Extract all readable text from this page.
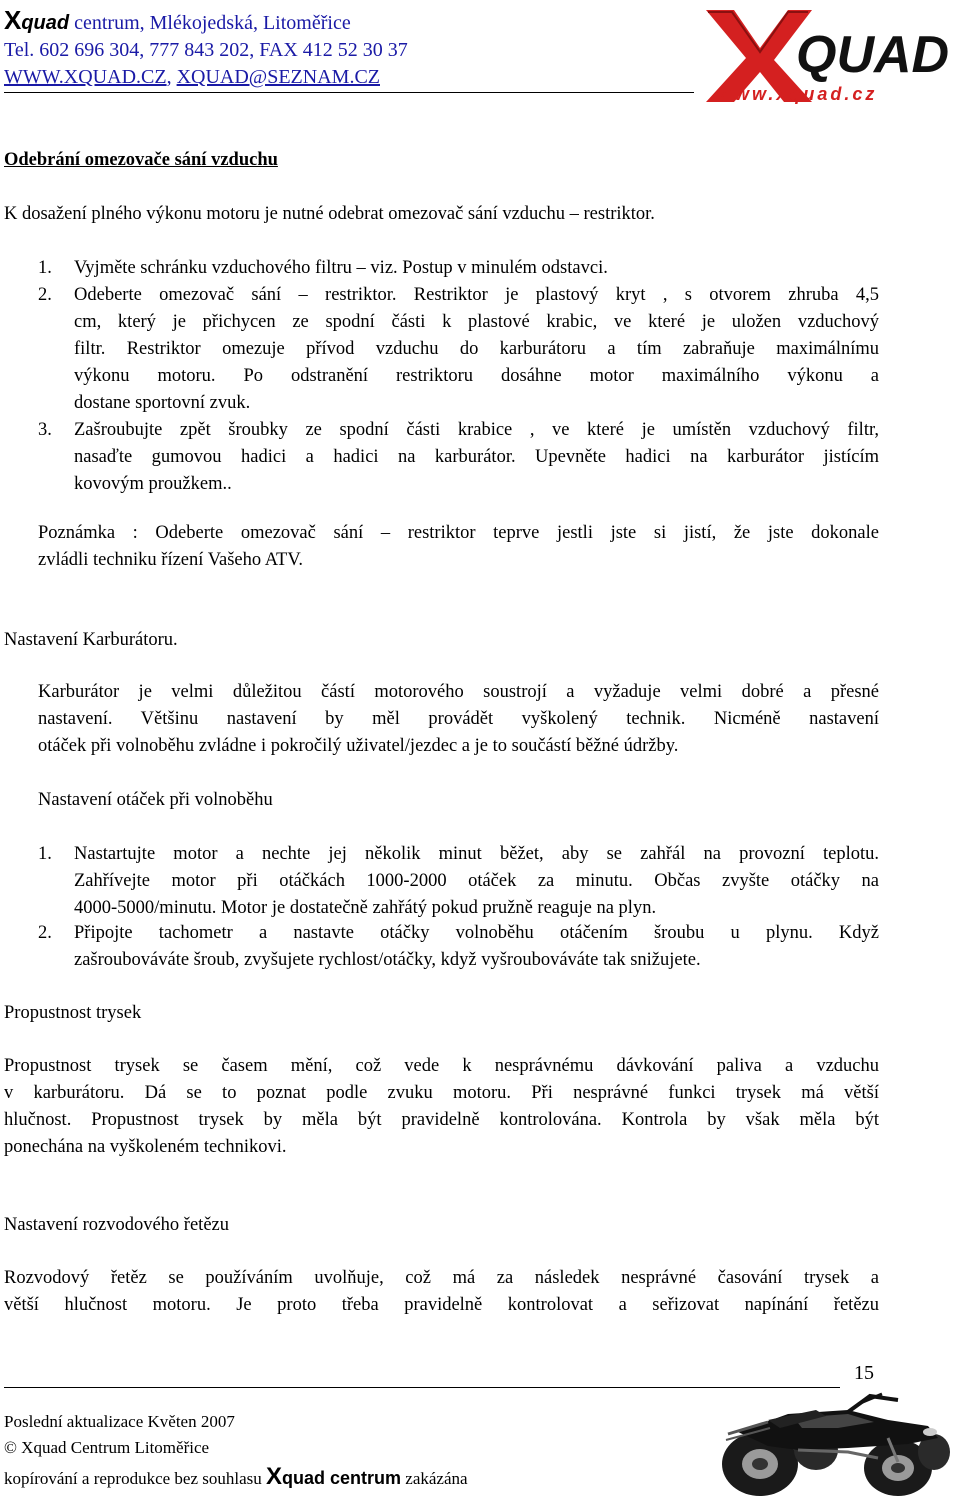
Xquad centrum, Mlékojedská, Litoměřice
Tel. 602 696 304, 777 843 202, FAX 412 52 30 37
WWW.XQUAD.CZ, XQUAD@SEZNAM.CZ	QUAD
www.xquad.cz
Odebrání omezovače sání vzduchu
K dosažení plného výkonu motoru je nutné odebrat omezovač sání vzduchu – restriktor.
1.	Vyjměte schránku vzduchového filtru – viz. Postup v minulém odstavci.
2.	Odeberte omezovač sání – restriktor. Restriktor je plastový kryt , s otvorem zhruba 4,5
cm, který je přichycen ze spodní části k plastové krabic, ve které je uložen vzduchový
filtr. Restriktor omezuje přívod vzduchu do karburátoru a tím zabraňuje maximálnímu
výkonu motoru. Po odstranění restriktoru dosáhne motor maximálního výkonu a
dostane sportovní zvuk.
3.	Zašroubujte zpět šroubky ze spodní části krabice , ve které je umístěn vzduchový filtr,
nasaďte gumovou hadici a hadici na karburátor. Upevněte hadici na karburátor jistícím
kovovým proužkem..
Poznámka : Odeberte omezovač sání – restriktor teprve jestli jste si jistí, že jste dokonale
zvládli techniku řízení Vašeho ATV.
Nastavení Karburátoru.
Karburátor je velmi důležitou částí motorového soustrojí a vyžaduje velmi dobré a přesné
nastavení. Většinu nastavení by měl provádět vyškolený technik. Nicméně nastavení
otáček při volnoběhu zvládne i pokročilý uživatel/jezdec a je to součástí běžné údržby.
Nastavení otáček při volnoběhu
1.	Nastartujte motor a nechte jej několik minut běžet, aby se zahřál na provozní teplotu.
Zahřívejte motor při otáčkách 1000-2000 otáček za minutu. Občas zvyšte otáčky na
4000-5000/minutu. Motor je dostatečně zahřátý pokud pružně reaguje na plyn.
2.	Připojte tachometr a nastavte otáčky volnoběhu otáčením šroubu u plynu. Když
zašroubováváte šroub, zvyšujete rychlost/otáčky, když vyšroubováváte tak snižujete.
Propustnost trysek
Propustnost trysek se časem mění, což vede k nesprávnému dávkování paliva a vzduchu
v karburátoru. Dá se to poznat podle zvuku motoru. Při nesprávné funkci trysek má větší
hlučnost. Propustnost trysek by měla být pravidelně kontrolována. Kontrola by však měla být
ponechána na vyškoleném technikovi.
Nastavení rozvodového řetězu
Rozvodový řetěz se používáním uvolňuje, což má za následek nesprávné časování trysek a
větší hlučnost motoru. Je proto třeba pravidelně kontrolovat a seřizovat napínání řetězu
15
Poslední aktualizace Květen 2007
© Xquad Centrum Litoměřice
kopírování a reprodukce bez souhlasu Xquad centrum zakázána
